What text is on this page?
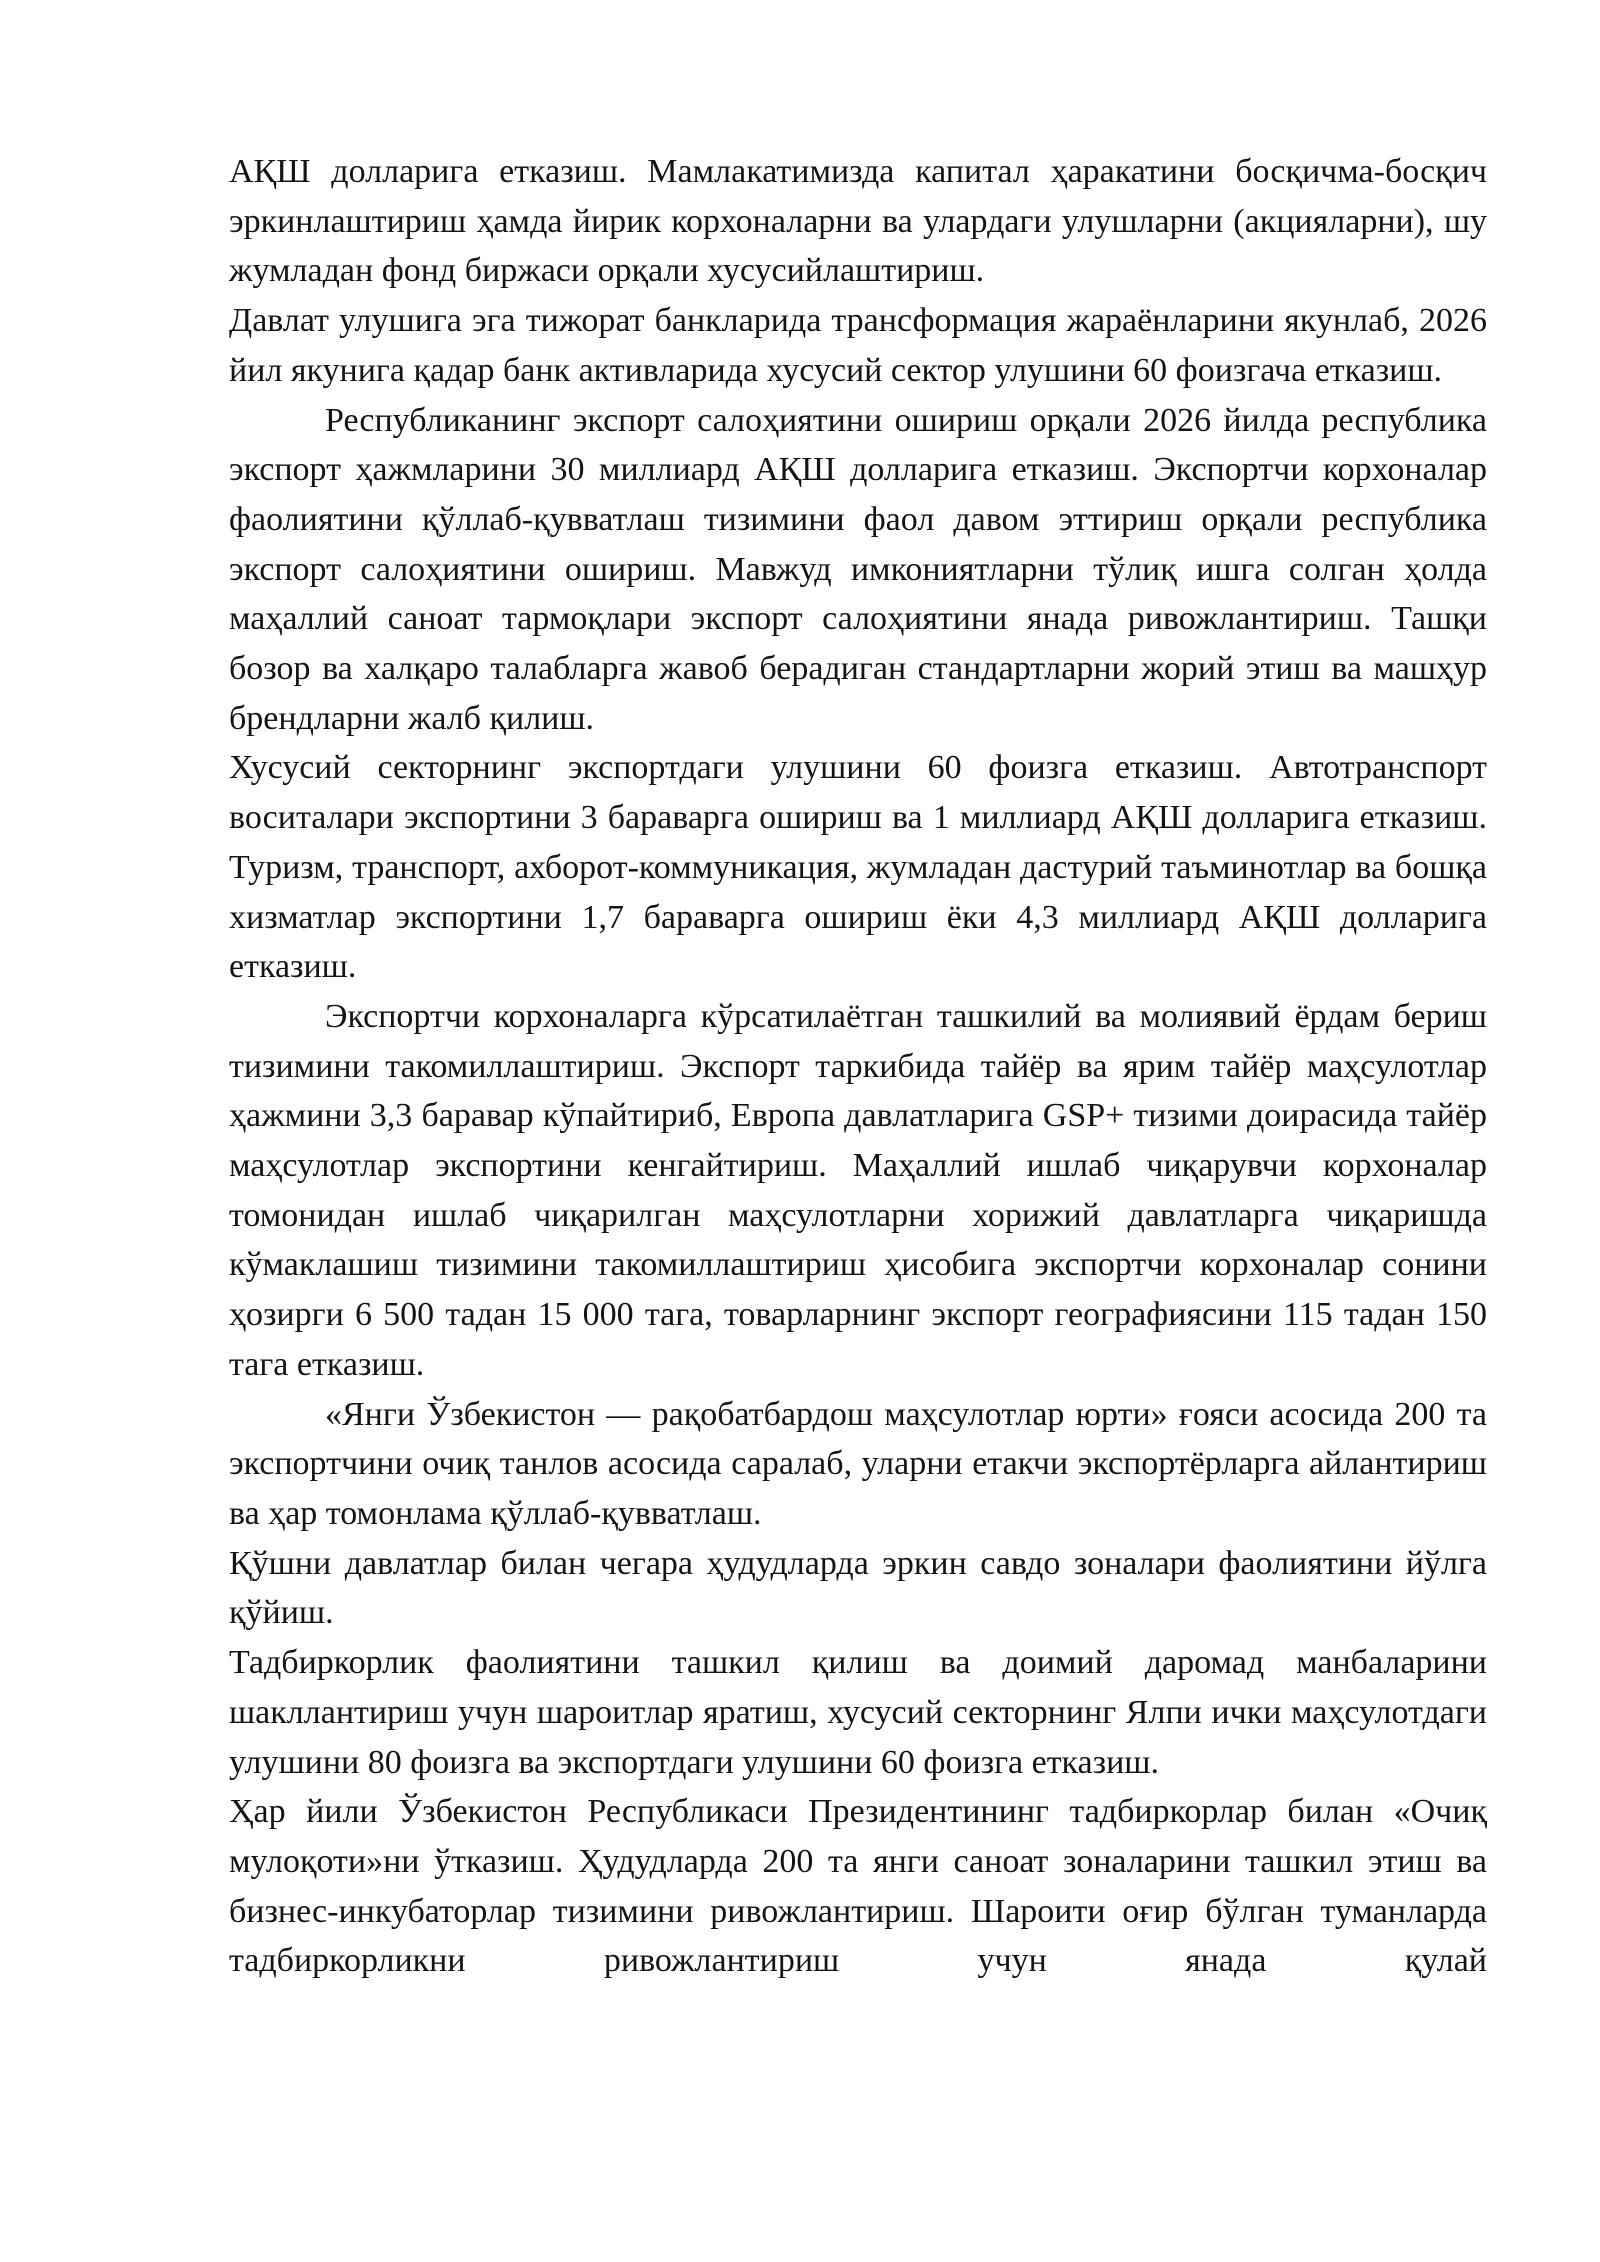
АҚШ долларига етказиш. Мамлакатимизда капитал ҳаракатини босқичма-босқич эркинлаштириш ҳамда йирик корхоналарни ва улардаги улушларни (акцияларни), шу жумладан фонд биржаси орқали хусусийлаштириш.

Давлат улушига эга тижорат банкларида трансформация жараёнларини якунлаб, 2026 йил якунига қадар банк активларида хусусий сектор улушини 60 фоизгача етказиш.

Республиканинг экспорт салоҳиятини ошириш орқали 2026 йилда республика экспорт ҳажмларини 30 миллиард АҚШ долларига етказиш. Экспортчи корхоналар фаолиятини қўллаб-қувватлаш тизимини фаол давом эттириш орқали республика экспорт салоҳиятини ошириш. Мавжуд имкониятларни тўлиқ ишга солган ҳолда маҳаллий саноат тармоқлари экспорт салоҳиятини янада ривожлантириш. Ташқи бозор ва халқаро талабларга жавоб берадиган стандартларни жорий этиш ва машҳур брендларни жалб қилиш.

Хусусий секторнинг экспортдаги улушини 60 фоизга етказиш. Автотранспорт воситалари экспортини 3 бараварга ошириш ва 1 миллиард АҚШ долларига етказиш. Туризм, транспорт, ахборот-коммуникация, жумладан дастурий таъминотлар ва бошқа хизматлар экспортини 1,7 бараварга ошириш ёки 4,3 миллиард АҚШ долларига етказиш.

Экспортчи корхоналарга кўрсатилаётган ташкилий ва молиявий ёрдам бериш тизимини такомиллаштириш. Экспорт таркибида тайёр ва ярим тайёр маҳсулотлар ҳажмини 3,3 баравар кўпайтириб, Европа давлатларига GSP+ тизими доирасида тайёр маҳсулотлар экспортини кенгайтириш. Маҳаллий ишлаб чиқарувчи корхоналар томонидан ишлаб чиқарилган маҳсулотларни хорижий давлатларга чиқаришда кўмаклашиш тизимини такомиллаштириш ҳисобига экспортчи корхоналар сонини ҳозирги 6 500 тадан 15 000 тага, товарларнинг экспорт географиясини 115 тадан 150 тага етказиш.

«Янги Ўзбекистон — рақобатбардош маҳсулотлар юрти» ғояси асосида 200 та экспортчини очиқ танлов асосида саралаб, уларни етакчи экспортёрларга айлантириш ва ҳар томонлама қўллаб-қувватлаш.

Қўшни давлатлар билан чегара ҳудудларда эркин савдо зоналари фаолиятини йўлга қўйиш.

Тадбиркорлик фаолиятини ташкил қилиш ва доимий даромад манбаларини шакллантириш учун шароитлар яратиш, хусусий секторнинг Ялпи ички маҳсулотдаги улушини 80 фоизга ва экспортдаги улушини 60 фоизга етказиш.

Ҳар йили Ўзбекистон Республикаси Президентининг тадбиркорлар билан «Очиқ мулоқоти»ни ўтказиш. Ҳудудларда 200 та янги саноат зоналарини ташкил этиш ва бизнес-инкубаторлар тизимини ривожлантириш. Шароити оғир бўлган туманларда тадбиркорликни ривожлантириш учун янада қулай
